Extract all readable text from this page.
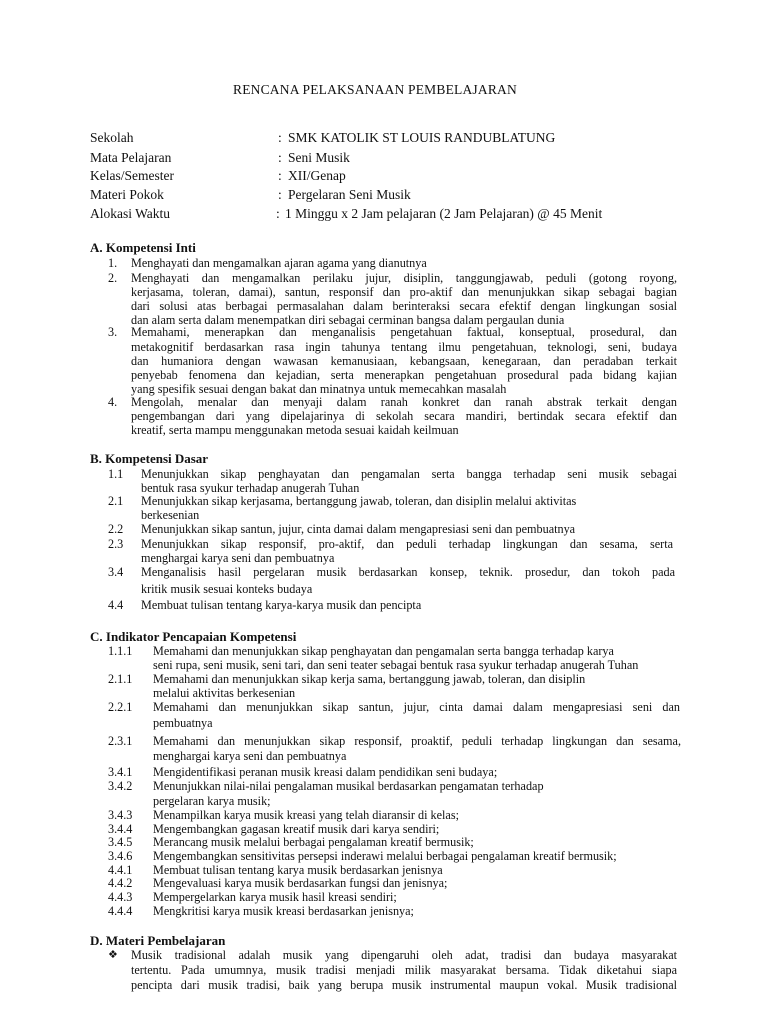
RENCANA PELAKSANAAN PEMBELAJARAN
Sekolah	: SMK KATOLIK ST LOUIS RANDUBLATUNG
Mata Pelajaran	: Seni Musik
Kelas/Semester	: XII/Genap
Materi Pokok	: Pergelaran Seni Musik
Alokasi Waktu	: 1 Minggu x 2 Jam pelajaran (2 Jam Pelajaran) @ 45 Menit
A. Kompetensi Inti
1. Menghayati dan mengamalkan ajaran agama yang dianutnya
2. Menghayati dan mengamalkan perilaku jujur, disiplin, tanggungjawab, peduli (gotong royong,
kerjasama, toleran, damai), santun, responsif dan pro-aktif dan menunjukkan sikap sebagai bagian
dari solusi atas berbagai permasalahan dalam berinteraksi secara efektif dengan lingkungan sosial
dan alam serta dalam menempatkan diri sebagai cerminan bangsa dalam pergaulan dunia
3. Memahami, menerapkan dan menganalisis pengetahuan faktual, konseptual, prosedural, dan
metakognitif berdasarkan rasa ingin tahunya tentang ilmu pengetahuan, teknologi, seni, budaya
dan humaniora dengan wawasan kemanusiaan, kebangsaan, kenegaraan, dan peradaban terkait
penyebab fenomena dan kejadian, serta menerapkan pengetahuan prosedural pada bidang kajian
yang spesifik sesuai dengan bakat dan minatnya untuk memecahkan masalah
4. Mengolah, menalar dan menyaji dalam ranah konkret dan ranah abstrak terkait dengan
pengembangan dari yang dipelajarinya di sekolah secara mandiri, bertindak secara efektif dan
kreatif, serta mampu menggunakan metoda sesuai kaidah keilmuan
B. Kompetensi Dasar
1.1 Menunjukkan sikap penghayatan dan pengamalan serta bangga terhadap seni musik sebagai
bentuk rasa syukur terhadap anugerah Tuhan
2.1 Menunjukkan sikap kerjasama, bertanggung jawab, toleran, dan disiplin melalui aktivitas
berkesenian
2.2 Menunjukkan sikap santun, jujur, cinta damai dalam mengapresiasi seni dan pembuatnya
2.3 Menunjukkan sikap responsif, pro-aktif, dan peduli terhadap lingkungan dan sesama, serta
menghargai karya seni dan pembuatnya
3.4 Menganalisis hasil pergelaran musik berdasarkan konsep, teknik. prosedur, dan tokoh pada
kritik musik sesuai konteks budaya
4.4 Membuat tulisan tentang karya-karya musik dan pencipta
C. Indikator Pencapaian Kompetensi
1.1.1 Memahami dan menunjukkan sikap penghayatan dan pengamalan serta bangga terhadap karya
seni rupa, seni musik, seni tari, dan seni teater sebagai bentuk rasa syukur terhadap anugerah Tuhan
2.1.1 Memahami dan menunjukkan sikap kerja sama, bertanggung jawab, toleran, dan disiplin
melalui aktivitas berkesenian
2.2.1 Memahami dan menunjukkan sikap santun, jujur, cinta damai dalam mengapresiasi seni dan
pembuatnya
2.3.1 Memahami dan menunjukkan sikap responsif, proaktif, peduli terhadap lingkungan dan sesama,
menghargai karya seni dan pembuatnya
3.4.1 Mengidentifikasi peranan musik kreasi dalam pendidikan seni budaya;
3.4.2 Menunjukkan nilai-nilai pengalaman musikal berdasarkan pengamatan terhadap
pergelaran karya musik;
3.4.3 Menampilkan karya musik kreasi yang telah diaransir di kelas;
3.4.4 Mengembangkan gagasan kreatif musik dari karya sendiri;
3.4.5 Merancang musik melalui berbagai pengalaman kreatif bermusik;
3.4.6 Mengembangkan sensitivitas persepsi inderawi melalui berbagai pengalaman kreatif bermusik;
4.4.1 Membuat tulisan tentang karya musik berdasarkan jenisnya
4.4.2 Mengevaluasi karya musik berdasarkan fungsi dan jenisnya;
4.4.3 Mempergelarkan karya musik hasil kreasi sendiri;
4.4.4 Mengkritisi karya musik kreasi berdasarkan jenisnya;
D. Materi Pembelajaran
❖ Musik tradisional adalah musik yang dipengaruhi oleh adat, tradisi dan budaya masyarakat
tertentu. Pada umumnya, musik tradisi menjadi milik masyarakat bersama. Tidak diketahui siapa
pencipta dari musik tradisi, baik yang berupa musik instrumental maupun vokal. Musik tradisional
